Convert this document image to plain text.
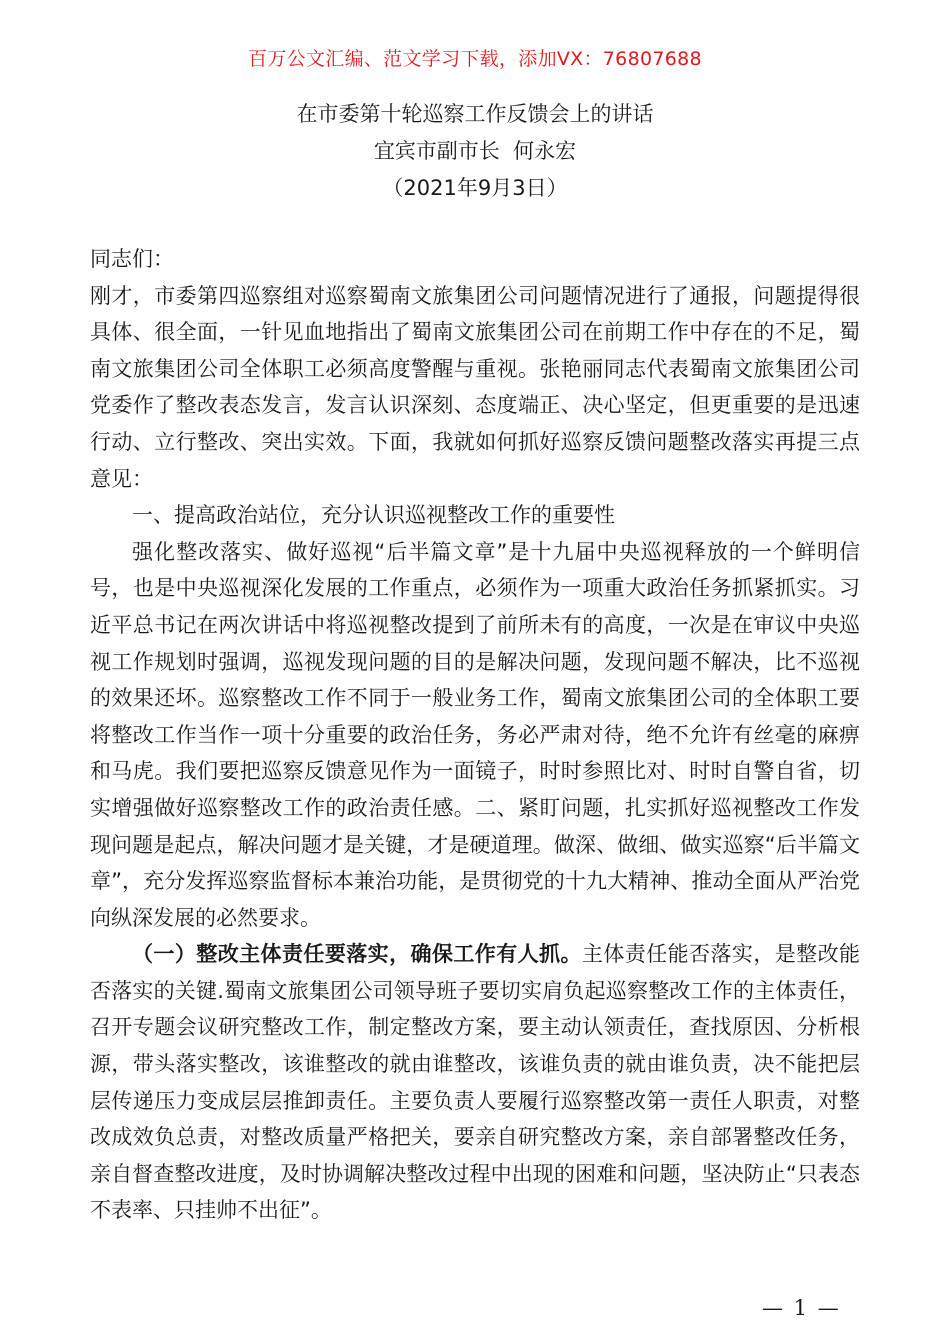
百万公文汇编、范文学习下载，添加VX：76807688
在市委第十轮巡察工作反馈会上的讲话
宜宾市副市长  何永宏
（2021年9月3日）

同志们：

刚才，市委第四巡察组对巡察蜀南文旅集团公司问题情况进行了通报，问题提得很具体、很全面，一针见血地指出了蜀南文旅集团公司在前期工作中存在的不足，蜀南文旅集团公司全体职工必须高度警醒与重视。张艳丽同志代表蜀南文旅集团公司党委作了整改表态发言，发言认识深刻、态度端正、决心坚定，但更重要的是迅速行动、立行整改、突出实效。下面，我就如何抓好巡察反馈问题整改落实再提三点意见：

一、提高政治站位，充分认识巡视整改工作的重要性

强化整改落实、做好巡视“后半篇文章”是十九届中央巡视释放的一个鲜明信号，也是中央巡视深化发展的工作重点，必须作为一项重大政治任务抓紧抓实。习近平总书记在两次讲话中将巡视整改提到了前所未有的高度，一次是在审议中央巡视工作规划时强调，巡视发现问题的目的是解决问题，发现问题不解决，比不巡视的效果还坏。巡察整改工作不同于一般业务工作，蜀南文旅集团公司的全体职工要将整改工作当作一项十分重要的政治任务，务必严肃对待，绝不允许有丝毫的麻痹和马虎。我们要把巡察反馈意见作为一面镜子，时时参照比对、时时自警自省，切实增强做好巡察整改工作的政治责任感。二、紧盯问题，扎实抓好巡视整改工作发现问题是起点，解决问题才是关键，才是硬道理。做深、做细、做实巡察“后半篇文章”，充分发挥巡察监督标本兼治功能，是贯彻党的十九大精神、推动全面从严治党向纵深发展的必然要求。

（一）整改主体责任要落实，确保工作有人抓。主体责任能否落实，是整改能否落实的关键.蜀南文旅集团公司领导班子要切实肩负起巡察整改工作的主体责任，召开专题会议研究整改工作，制定整改方案，要主动认领责任，查找原因、分析根源，带头落实整改，该谁整改的就由谁整改，该谁负责的就由谁负责，决不能把层层传递压力变成层层推卸责任。主要负责人要履行巡察整改第一责任人职责，对整改成效负总责，对整改质量严格把关，要亲自研究整改方案，亲自部署整改任务，亲自督查整改进度，及时协调解决整改过程中出现的困难和问题，坚决防止“只表态不表率、只挂帅不出征”。

— 1 —
